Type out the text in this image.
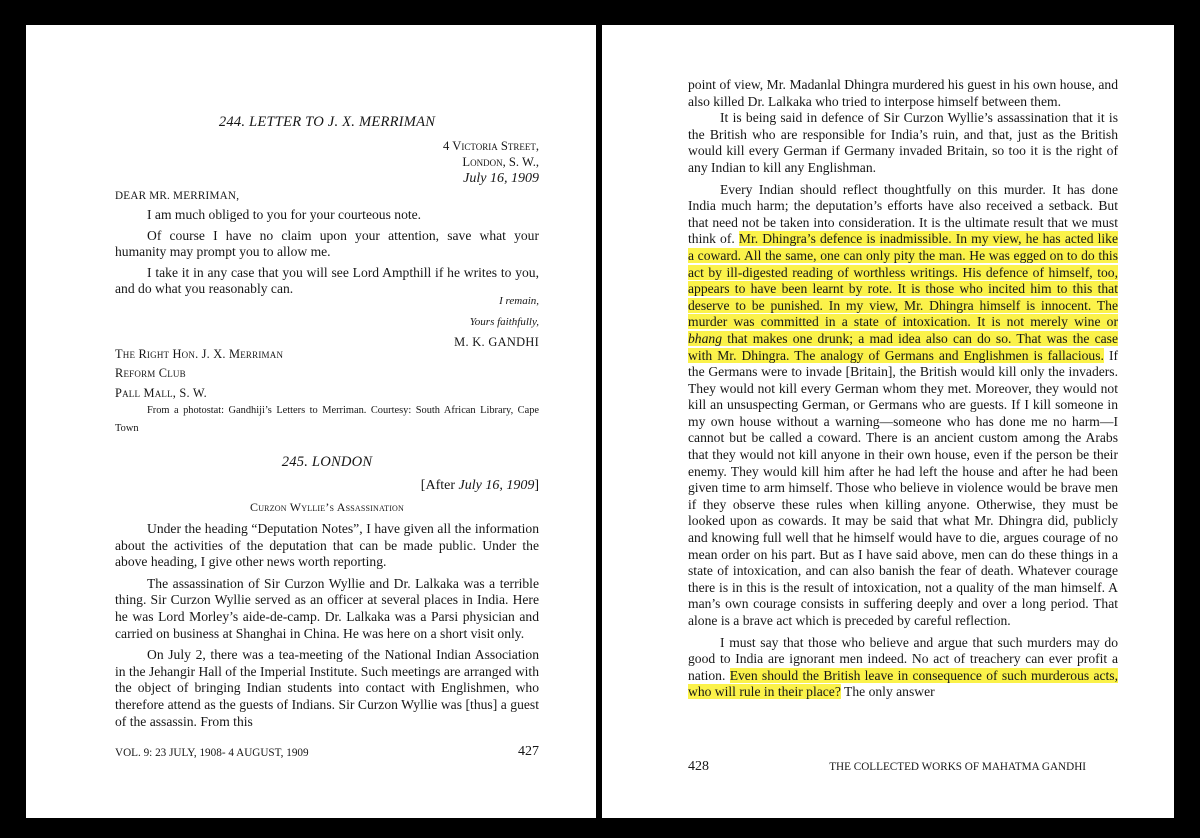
244. LETTER TO J. X. MERRIMAN
4 Victoria Street,
London, S. W.,
July 16, 1909
DEAR MR. MERRIMAN,

I am much obliged to you for your courteous note.

Of course I have no claim upon your attention, save what your humanity may prompt you to allow me.

I take it in any case that you will see Lord Ampthill if he writes to you, and do what you reasonably can.

I remain,
Yours faithfully,
M. K. GANDHI
The Right Hon. J. X. Merriman
Reform Club
Pall Mall, S. W.
From a photostat: Gandhiji’s Letters to Merriman. Courtesy: South African Library, Cape Town
245. LONDON
[After July 16, 1909]
Curzon Wyllie’s Assassination

Under the heading “Deputation Notes”, I have given all the information about the activities of the deputation that can be made public. Under the above heading, I give other news worth reporting.

The assassination of Sir Curzon Wyllie and Dr. Lalkaka was a terrible thing. Sir Curzon Wyllie served as an officer at several places in India. Here he was Lord Morley’s aide-de-camp. Dr. Lalkaka was a Parsi physician and carried on business at Shanghai in China. He was here on a short visit only.

On July 2, there was a tea-meeting of the National Indian Association in the Jehangir Hall of the Imperial Institute. Such meetings are arranged with the object of bringing Indian students into contact with Englishmen, who therefore attend as the guests of Indians. Sir Curzon Wyllie was [thus] a guest of the assassin. From this

VOL. 9: 23 JULY, 1908- 4 AUGUST, 1909	427

point of view, Mr. Madanlal Dhingra murdered his guest in his own house, and also killed Dr. Lalkaka who tried to interpose himself between them.

It is being said in defence of Sir Curzon Wyllie’s assassination that it is the British who are responsible for India’s ruin, and that, just as the British would kill every German if Germany invaded Britain, so too it is the right of any Indian to kill any Englishman.

Every Indian should reflect thoughtfully on this murder. It has done India much harm; the deputation’s efforts have also received a setback. But that need not be taken into consideration. It is the ultimate result that we must think of. Mr. Dhingra’s defence is inadmissible. In my view, he has acted like a coward. All the same, one can only pity the man. He was egged on to do this act by ill-digested reading of worthless writings. His defence of himself, too, appears to have been learnt by rote. It is those who incited him to this that deserve to be punished. In my view, Mr. Dhingra himself is innocent. The murder was committed in a state of intoxication. It is not merely wine or bhang that makes one drunk; a mad idea also can do so. That was the case with Mr. Dhingra. The analogy of Germans and Englishmen is fallacious. If the Germans were to invade [Britain], the British would kill only the invaders. They would not kill every German whom they met. Moreover, they would not kill an unsuspecting German, or Germans who are guests. If I kill someone in my own house without a warning—someone who has done me no harm—I cannot but be called a coward. There is an ancient custom among the Arabs that they would not kill anyone in their own house, even if the person be their enemy. They would kill him after he had left the house and after he had been given time to arm himself. Those who believe in violence would be brave men if they observe these rules when killing anyone. Otherwise, they must be looked upon as cowards. It may be said that what Mr. Dhingra did, publicly and knowing full well that he himself would have to die, argues courage of no mean order on his part. But as I have said above, men can do these things in a state of intoxication, and can also banish the fear of death. Whatever courage there is in this is the result of intoxication, not a quality of the man himself. A man’s own courage consists in suffering deeply and over a long period. That alone is a brave act which is preceded by careful reflection.

I must say that those who believe and argue that such murders may do good to India are ignorant men indeed. No act of treachery can ever profit a nation. Even should the British leave in consequence of such murderous acts, who will rule in their place? The only answer

428	THE COLLECTED WORKS OF MAHATMA GANDHI
